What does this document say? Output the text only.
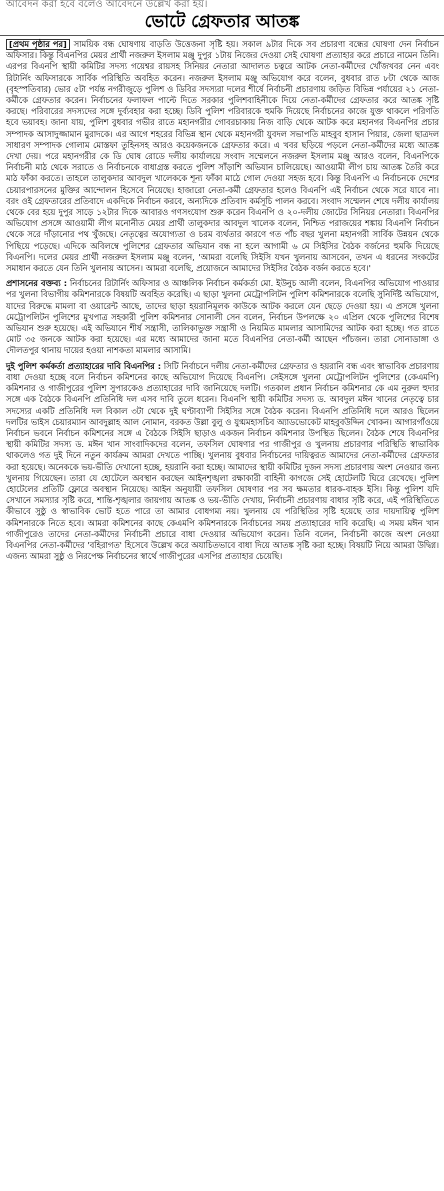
আবেদন করা হবে বলেও আবেদনে উল্লেখ করা হয়।
ভোটে গ্রেফতার আতঙ্ক

[প্রথম পৃষ্ঠার পর] সাময়িক বন্ধ ঘোষণায় বাড়তি উত্তেজনা সৃষ্টি হয়। সকাল ৯টার দিকে সব প্রচারণা বন্ধের ঘোষণা দেন নির্বাচন অফিসার। কিন্তু বিএনপির মেয়র প্রার্থী নজরুল ইসলাম মঞ্জু দুপুর ১টায় নিজের দেওয়া সেই ঘোষণা প্রত্যাহার করে প্রচারে নামেন তিনি। এরপর বিএনপি স্থায়ী কমিটির সদস্য গয়েশ্বর রায়সহ সিনিয়র নেতারা আদালত চত্বরে আটক নেতা-কর্মীদের খোঁজখবর নেন এবং রিটার্নিং অফিসারকে সার্বিক পরিস্থিতি অবহিত করেন। নজরুল ইসলাম মঞ্জু অভিযোগ করে বলেন, বুধবার রাত ৮টা থেকে আজ (বৃহস্পতিবার) ভোর ৫টা পর্যন্ত নগরীজুড়ে পুলিশ ও ডিবির সদস্যরা দলের শীর্ষে নির্বাচনী প্রচারণায় জড়িত বিভিন্ন পর্যায়ের ২১ নেতা-কর্মীকে গ্রেফতার করেন। নির্বাচনের ফলাফল পাল্টে দিতে সরকার পুলিশবাহিনীকে দিয়ে নেতা-কর্মীদের গ্রেফতার করে আতঙ্ক সৃষ্টি করছে। পরিবারের সদস্যদের সঙ্গে দুর্ব্যবহার করা হচ্ছে। ডিবি পুলিশ পরিবারকে হুমকি দিয়েছে নির্বাচনের কাজে যুক্ত থাকলে পরিণতি হবে ভয়াবহ। জানা যায়, পুলিশ বুধবার গভীর রাতে মহানগরীর গোবরচাকায় নিজ বাড়ি থেকে আটক করে মহানগর বিএনপির প্রচার সম্পাদক আসাদুজ্জামান মুরাদকে। এর আগে শহরের বিভিন্ন স্থান থেকে মহানগরী যুবদল সভাপতি মাহবুব হাসান পিয়ার, জেলা ছাত্রদল সাধারণ সম্পাদক গোলাম মোস্তফা তুহিনসহ আরও কয়েকজনকে গ্রেফতার করে। এ খবর ছড়িয়ে পড়লে নেতা-কর্মীদের মধ্যে আতঙ্ক দেখা দেয়। পরে মহানগরীর কে ডি ঘোষ রোডে দলীয় কার্যালয়ে সংবাদ সম্মেলনে নজরুল ইসলাম মঞ্জু আরও বলেন, বিএনপিকে নির্বাচনী মাঠ থেকে সরাতে ও নির্বাচনকে বাধাগ্রস্ত করতে পুলিশ সাঁড়াশি অভিযান চালিয়েছে। আওয়ামী লীগ চায় আতঙ্ক তৈরি করে মাঠ ফাঁকা করতে। তাহলে তালুকদার আবদুল খালেককে শূন্য ফাঁকা মাঠে গোল দেওয়া সহজ হবে। কিন্তু বিএনপি এ নির্বাচনকে দেশের চেয়ারপারসনের মুক্তির আন্দোলন হিসেবে নিয়েছে। হাজারো নেতা-কর্মী গ্রেফতার হলেও বিএনপি এই নির্বাচন থেকে সরে যাবে না। বরং ওই গ্রেফতারের প্রতিবাদে একদিকে নির্বাচন করবে, অন্যদিকে প্রতিবাদ কর্মসূচি পালন করবে। সংবাদ সম্মেলন শেষে দলীয় কার্যালয় থেকে বের হয়ে দুপুর সাড়ে ১২টার দিকে আবারও গণসংযোগ শুরু করেন বিএনপি ও ২০-দলীয় জোটের সিনিয়র নেতারা। বিএনপির অভিযোগ প্রসঙ্গে আওয়ামী লীগ মনোনীত মেয়র প্রার্থী তালুকদার আবদুল খালেক বলেন, নিশ্চিত পরাজয়ের শঙ্কায় বিএনপি নির্বাচন থেকে সরে দাঁড়ানোর পথ খুঁজছে। নেতৃত্বের অযোগ্যতা ও চরম ব্যর্থতার কারণে গত পাঁচ বছর খুলনা মহানগরী সার্বিক উন্নয়ন থেকে পিছিয়ে পড়েছে। এদিকে অবিলম্বে পুলিশের গ্রেফতার অভিযান বন্ধ না হলে আগামী ৬ মে সিইসির বৈঠক বর্জনের হুমকি দিয়েছে বিএনপি। দলের মেয়র প্রার্থী নজরুল ইসলাম মঞ্জু বলেন, 'আমরা বলেছি সিইসি যখন খুলনায় আসবেন, তখন এ ধরনের সংকটের সমাধান করতে যেন তিনি খুলনায় আসেন। আমরা বলেছি, প্রয়োজনে আমাদের সিইসির বৈঠক বর্জন করতে হবে।'

প্রশাসনের বক্তব্য : নির্বাচনের রিটার্নিং অফিসার ও আঞ্চলিক নির্বাচন কর্মকর্তা মো. ইউনুচ আলী বলেন, বিএনপির অভিযোগ পাওয়ার পর খুলনা বিভাগীয় কমিশনারকে বিষয়টি অবহিত করেছি। এ ছাড়া খুলনা মেট্রোপলিটন পুলিশ কমিশনারকে বলেছি সুনির্দিষ্ট অভিযোগ, যাদের বিরুদ্ধে মামলা বা ওয়ারেন্ট আছে, তাদের ছাড়া হয়রানিমূলক কাউকে আটক করলে যেন ছেড়ে দেওয়া হয়। এ প্রসঙ্গে খুলনা মেট্রোপলিটন পুলিশের মুখপাত্র সহকারী পুলিশ কমিশনার সোনালী সেন বলেন, নির্বাচন উপলক্ষে ২০ এপ্রিল থেকে পুলিশের বিশেষ অভিযান শুরু হয়েছে। এই অভিযানে শীর্ষ সন্ত্রাসী, তালিকাভুক্ত সন্ত্রাসী ও নিয়মিত মামলার আসামিদের আটক করা হচ্ছে। গত রাতে মোট ৩৫ জনকে আটক করা হয়েছে। এর মধ্যে আমাদের জানা মতে বিএনপির নেতা-কর্মী আছেন পাঁচজন। তারা সোনাডাঙ্গা ও দৌলতপুর থানায় দায়ের হওয়া নাশকতা মামলার আসামি।

দুই পুলিশ কর্মকর্তা প্রত্যাহারের দাবি বিএনপির : সিটি নির্বাচনে দলীয় নেতা-কর্মীদের গ্রেফতার ও হয়রানি বন্ধ এবং স্বাভাবিক প্রচারণায় বাধা দেওয়া হচ্ছে বলে নির্বাচন কমিশনের কাছে অভিযোগ দিয়েছে বিএনপি। সেইসঙ্গে খুলনা মেট্রোপলিটন পুলিশের (কেএমপি) কমিশনার ও গাজীপুরের পুলিশ সুপারকেও প্রত্যাহারের দাবি জানিয়েছে দলটি। গতকাল প্রধান নির্বাচন কমিশনার কে এম নুরুল হুদার সঙ্গে এক বৈঠকে বিএনপি প্রতিনিধি দল এসব দাবি তুলে ধরেন। বিএনপি স্থায়ী কমিটির সদস্য ড. আবদুল মঈন খানের নেতৃত্বে চার সদস্যের একটি প্রতিনিধি দল বিকাল ৩টা থেকে দুই ঘণ্টাব্যাপী সিইসির সঙ্গে বৈঠক করেন। বিএনপি প্রতিনিধি দলে আরও ছিলেন দলটির ভাইস চেয়ারম্যান আবদুল্লাহ আল নোমান, বরকত উল্লা বুলু ও যুগ্মমহাসচিব অ্যাডভোকেট মাহবুবউদ্দিন খোকন। আগারগাঁওয়ে নির্বাচন ভবনে নির্বাচন কমিশনের সঙ্গে এ বৈঠকে সিইসি ছাড়াও একজন নির্বাচন কমিশনার উপস্থিত ছিলেন। বৈঠক শেষে বিএনপির স্থায়ী কমিটির সদস্য ড. মঈন খান সাংবাদিকদের বলেন, তফসিল ঘোষণার পর গাজীপুর ও খুলনায় প্রচারণার পরিস্থিতি স্বাভাবিক থাকলেও গত দুই দিনে নতুন কার্যক্রম আমরা দেখতে পাচ্ছি। খুলনায় বুধবার নির্বাচনের দায়িত্বরত আমাদের নেতা-কর্মীদের গ্রেফতার করা হয়েছে। অনেককে ভয়-ভীতি দেখানো হচ্ছে, হয়রানি করা হচ্ছে। আমাদের স্থায়ী কমিটির দুজন সদস্য প্রচারণায় অংশ নেওয়ার জন্য খুলনায় গিয়েছেন। তারা যে হোটেলে অবস্থান করছেন আইনশৃঙ্খলা রক্ষাকারী বাহিনী কাগজে সেই হোটেলটি ঘিরে রেখেছে। পুলিশ হোটেলের প্রতিটি ফ্লোরে অবস্থান নিয়েছে। আইন অনুযায়ী তফসিল ঘোষণার পর সব ক্ষমতার ধারক-বাহক ইসি। কিন্তু পুলিশ যদি সেখানে সমস্যার সৃষ্টি করে, শান্তি-শৃঙ্খলার জায়গায় আতঙ্ক ও ভয়-ভীতি দেখায়, নির্বাচনী প্রচারণায় বাধার সৃষ্টি করে, এই পরিস্থিতিতে কীভাবে সুষ্ঠু ও স্বাভাবিক ভোট হতে পারে তা আমার বোধগম্য নয়। খুলনায় যে পরিস্থিতির সৃষ্টি হয়েছে তার দায়দায়িত্ব পুলিশ কমিশনারকে নিতে হবে। আমরা কমিশনের কাছে কেএমপি কমিশনারকে নির্বাচনের সময় প্রত্যাহারের দাবি করেছি। এ সময় মঈন খান গাজীপুরেও তাদের নেতা-কর্মীদের নির্বাচনী প্রচারে বাধা দেওয়ার অভিযোগ করেন। তিনি বলেন, নির্বাচনী কাজে অংশ নেওয়া বিএনপির নেতা-কর্মীদের 'বহিরাগত' হিসেবে উল্লেখ করে অযাচিতভাবে বাধা দিয়ে আতঙ্ক সৃষ্টি করা হচ্ছে। বিষয়টি নিয়ে আমরা উদ্বিগ্ন। এজন্য আমরা সুষ্ঠু ও নিরপেক্ষ নির্বাচনের স্বার্থে গাজীপুরের এসপির প্রত্যাহার চেয়েছি।
